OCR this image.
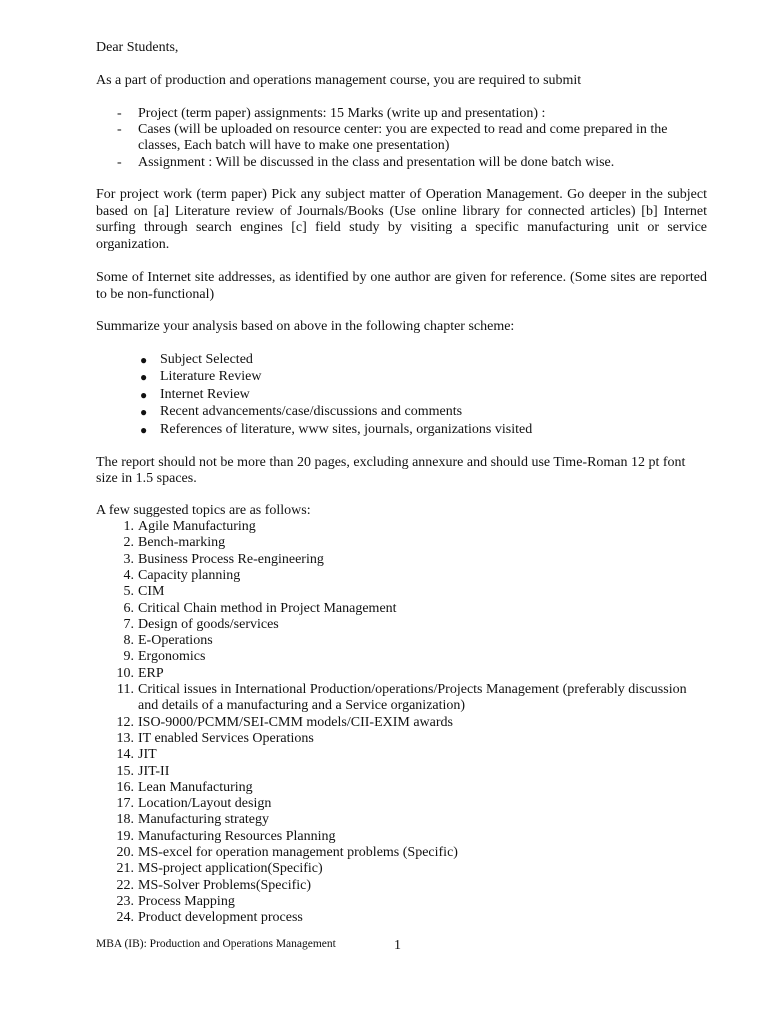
Dear Students,
As a part of production and operations management course, you are required to submit
- Project (term paper) assignments: 15 Marks (write up and presentation) :
- Cases (will be uploaded on resource center: you are expected to read and come prepared in the
classes, Each batch will have to make one presentation)
- Assignment : Will be discussed in the class and presentation will be done batch wise.
For project work (term paper) Pick any subject matter of Operation Management. Go deeper in the subject based on [a] Literature review of Journals/Books (Use online library for connected articles) [b] Internet surfing through search engines [c] field study by visiting a specific manufacturing unit or service organization.
Some of Internet site addresses, as identified by one author are given for reference. (Some sites are reported to be non-functional)
Summarize your analysis based on above in the following chapter scheme:
● Subject Selected
● Literature Review
● Internet Review
● Recent advancements/case/discussions and comments
● References of literature, www sites, journals, organizations visited
The report should not be more than 20 pages, excluding annexure and should use Time-Roman 12 pt font
size in 1.5 spaces.
A few suggested topics are as follows:
1. Agile Manufacturing
2. Bench-marking
3. Business Process Re-engineering
4. Capacity planning
5. CIM
6. Critical Chain method in Project Management
7. Design of goods/services
8. E-Operations
9. Ergonomics
10. ERP
11. Critical issues in International Production/operations/Projects Management (preferably discussion
and details of a manufacturing and a Service organization)
12. ISO-9000/PCMM/SEI-CMM models/CII-EXIM awards
13. IT enabled Services Operations
14. JIT
15. JIT-II
16. Lean Manufacturing
17. Location/Layout design
18. Manufacturing strategy
19. Manufacturing Resources Planning
20. MS-excel for operation management problems (Specific)
21. MS-project application(Specific)
22. MS-Solver Problems(Specific)
23. Process Mapping
24. Product development process
MBA (IB): Production and Operations Management	1
